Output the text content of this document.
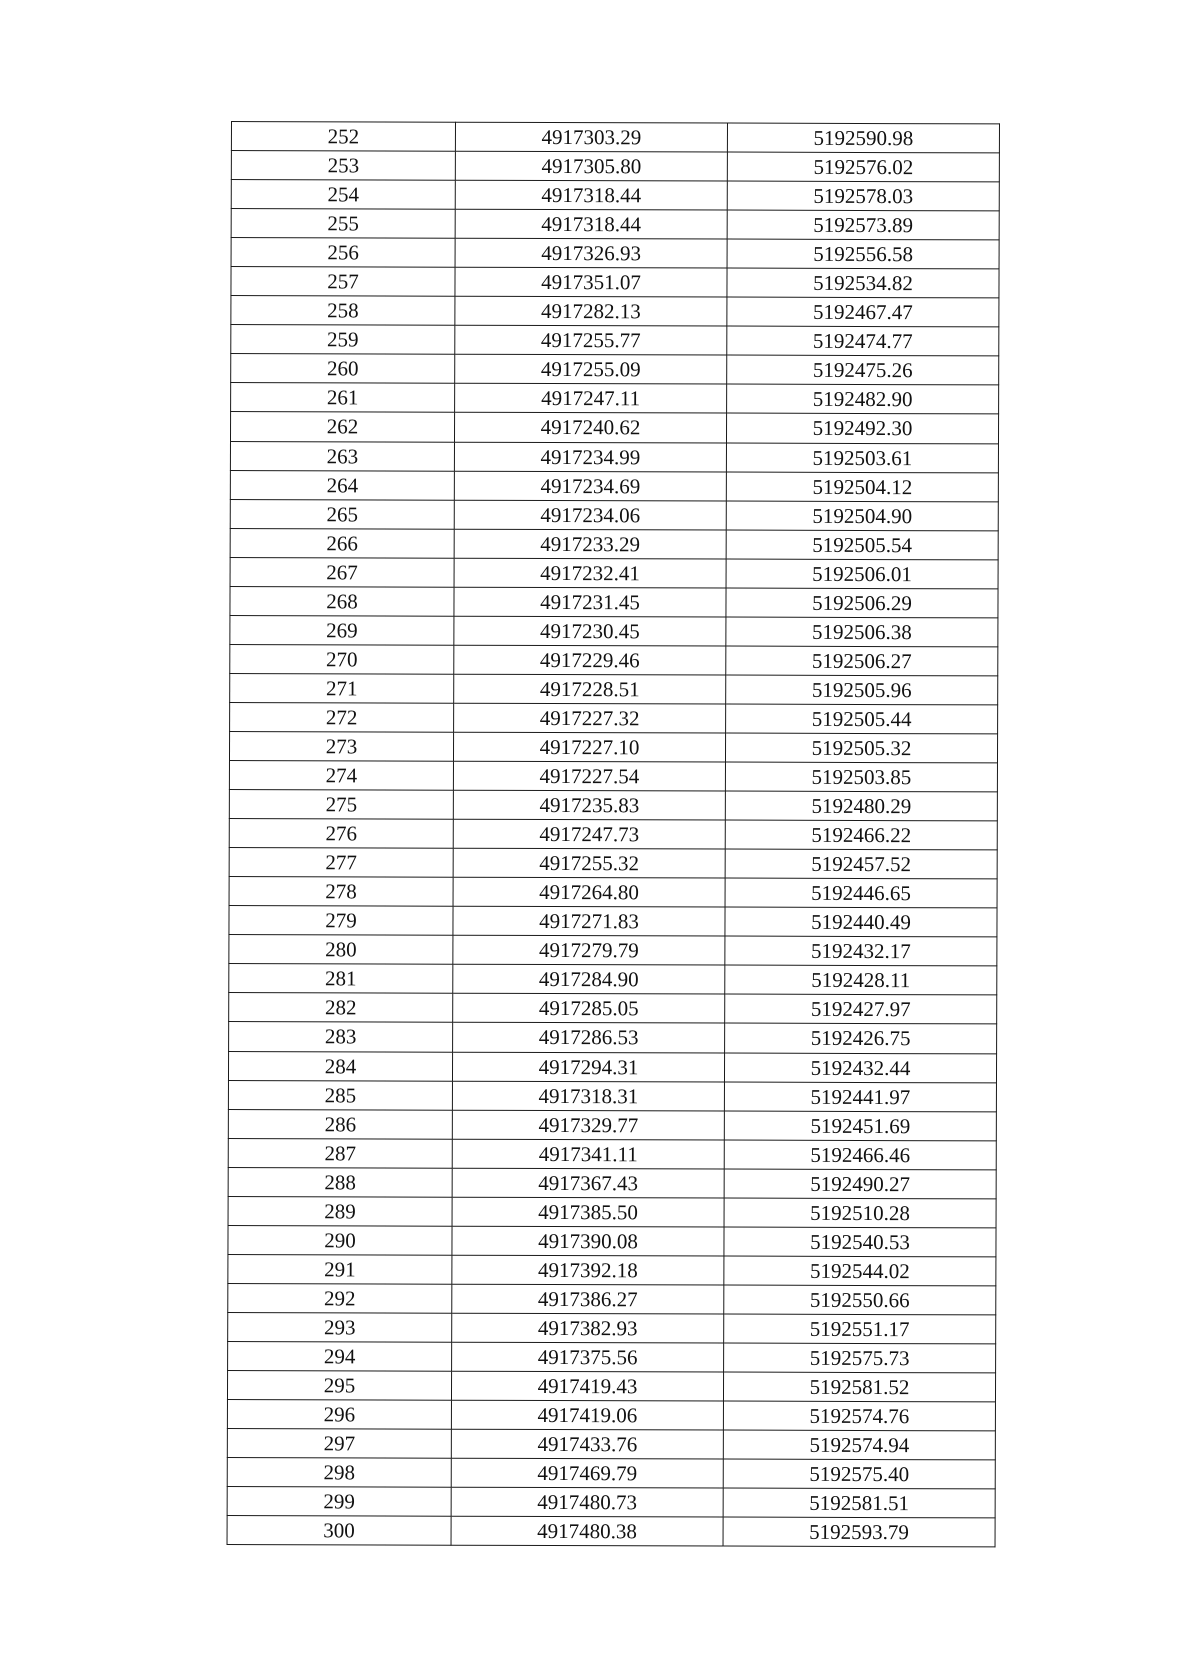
252	4917303.29	5192590.98
253	4917305.80	5192576.02
254	4917318.44	5192578.03
255	4917318.44	5192573.89
256	4917326.93	5192556.58
257	4917351.07	5192534.82
258	4917282.13	5192467.47
259	4917255.77	5192474.77
260	4917255.09	5192475.26
261	4917247.11	5192482.90
262	4917240.62	5192492.30
263	4917234.99	5192503.61
264	4917234.69	5192504.12
265	4917234.06	5192504.90
266	4917233.29	5192505.54
267	4917232.41	5192506.01
268	4917231.45	5192506.29
269	4917230.45	5192506.38
270	4917229.46	5192506.27
271	4917228.51	5192505.96
272	4917227.32	5192505.44
273	4917227.10	5192505.32
274	4917227.54	5192503.85
275	4917235.83	5192480.29
276	4917247.73	5192466.22
277	4917255.32	5192457.52
278	4917264.80	5192446.65
279	4917271.83	5192440.49
280	4917279.79	5192432.17
281	4917284.90	5192428.11
282	4917285.05	5192427.97
283	4917286.53	5192426.75
284	4917294.31	5192432.44
285	4917318.31	5192441.97
286	4917329.77	5192451.69
287	4917341.11	5192466.46
288	4917367.43	5192490.27
289	4917385.50	5192510.28
290	4917390.08	5192540.53
291	4917392.18	5192544.02
292	4917386.27	5192550.66
293	4917382.93	5192551.17
294	4917375.56	5192575.73
295	4917419.43	5192581.52
296	4917419.06	5192574.76
297	4917433.76	5192574.94
298	4917469.79	5192575.40
299	4917480.73	5192581.51
300	4917480.38	5192593.79
